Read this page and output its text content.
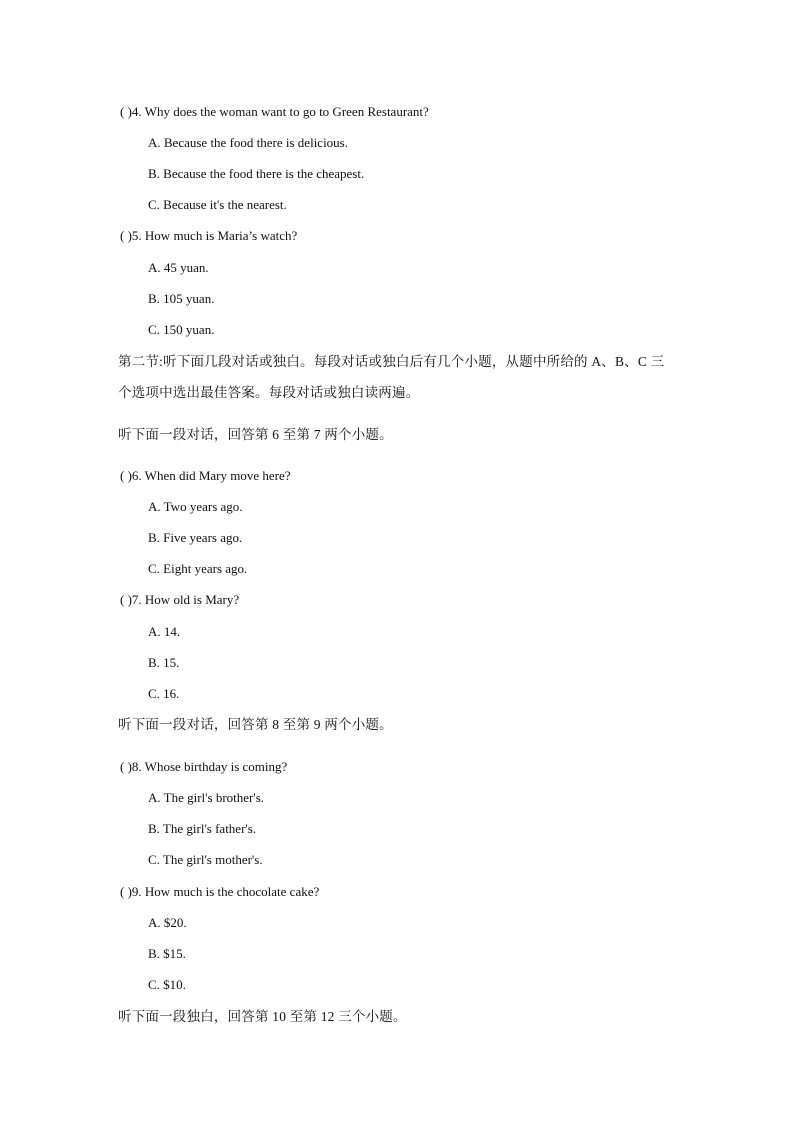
( )4. Why does the woman want to go to Green Restaurant?
A. Because the food there is delicious.
B. Because the food there is the cheapest.
C. Because it's the nearest.
( )5. How much is Maria’s watch?
A. 45 yuan.
B. 105 yuan.
C. 150 yuan.
第二节:听下面几段对话或独白。每段对话或独白后有几个小题，从题中所给的 A、B、C 三
个选项中选出最佳答案。每段对话或独白读两遍。
听下面一段对话，回答第 6 至第 7 两个小题。
( )6. When did Mary move here?
A. Two years ago.
B. Five years ago.
C. Eight years ago.
( )7. How old is Mary?
A. 14.
B. 15.
C. 16.
听下面一段对话，回答第 8 至第 9 两个小题。
( )8. Whose birthday is coming?
A. The girl's brother's.
B. The girl's father's.
C. The girl's mother's.
( )9. How much is the chocolate cake?
A. $20.
B. $15.
C. $10.
听下面一段独白，回答第 10 至第 12 三个小题。
